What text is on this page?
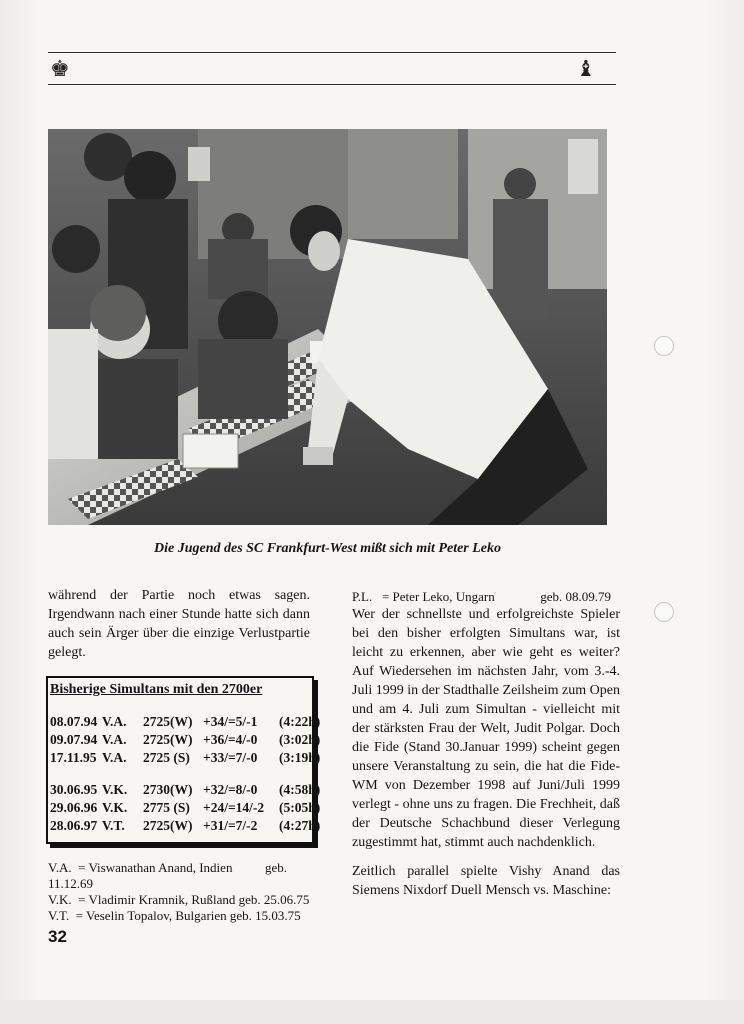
♚	♝
Die Jugend des SC Frankfurt-West mißt sich mit Peter Leko
während der Partie noch etwas sagen. Irgendwann nach einer Stunde hatte sich dann auch sein Ärger über die einzige Verlustpartie gelegt.
Bisherige Simultans mit den 2700er
08.07.94 V.A. 2725(W) +34/=5/-1 (4:22h)
09.07.94 V.A. 2725(W) +36/=4/-0 (3:02h)
17.11.95 V.A. 2725 (S) +33/=7/-0 (3:19h)
30.06.95 V.K. 2730(W) +32/=8/-0 (4:58h)
29.06.96 V.K. 2775 (S) +24/=14/-2 (5:05h)
28.06.97 V.T. 2725(W) +31/=7/-2 (4:27h)
V.A.  = Viswanathan Anand, Indien          geb.
11.12.69
V.K.  = Vladimir Kramnik, Rußland geb. 25.06.75
V.T.  = Veselin Topalov, Bulgarien geb. 15.03.75
32
P.L.   = Peter Leko, Ungarn              geb. 08.09.79
Wer der schnellste und erfolgreichste Spieler bei den bisher erfolgten Simultans war, ist leicht zu erkennen, aber wie geht es weiter? Auf Wiedersehen im nächsten Jahr, vom 3.-4. Juli 1999 in der Stadthalle Zeilsheim zum Open und am 4. Juli zum Simultan - vielleicht mit der stärksten Frau der Welt, Judit Polgar. Doch die Fide (Stand 30.Januar 1999) scheint gegen unsere Veranstaltung zu sein, die hat die Fide-WM von Dezember 1998 auf Juni/Juli 1999 verlegt - ohne uns zu fragen. Die Frechheit, daß der Deutsche Schachbund dieser Verlegung zugestimmt hat, stimmt auch nachdenklich.
Zeitlich parallel spielte Vishy Anand das Siemens Nixdorf Duell Mensch vs. Maschine:
